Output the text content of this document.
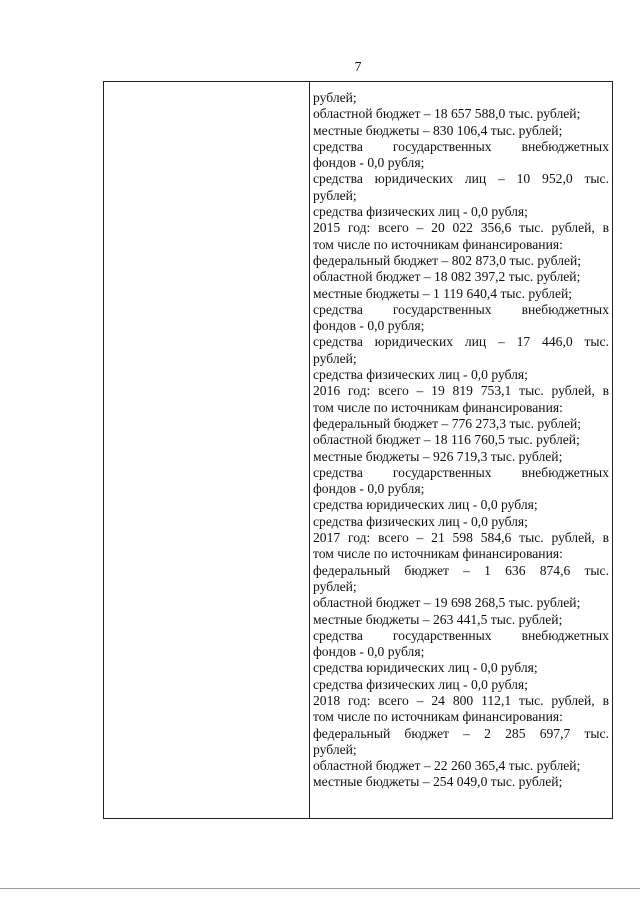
7
рублей;
областной бюджет – 18 657 588,0 тыс. рублей;
местные бюджеты – 830 106,4 тыс. рублей;
средства государственных внебюджетных
фондов - 0,0 рубля;
средства юридических лиц – 10 952,0 тыс.
рублей;
средства физических лиц - 0,0 рубля;
2015 год: всего – 20 022 356,6 тыс. рублей, в
том числе по источникам финансирования:
федеральный бюджет – 802 873,0 тыс. рублей;
областной бюджет – 18 082 397,2 тыс. рублей;
местные бюджеты – 1 119 640,4 тыс. рублей;
средства государственных внебюджетных
фондов - 0,0 рубля;
средства юридических лиц – 17 446,0 тыс.
рублей;
средства физических лиц - 0,0 рубля;
2016 год: всего – 19 819 753,1 тыс. рублей, в
том числе по источникам финансирования:
федеральный бюджет – 776 273,3 тыс. рублей;
областной бюджет – 18 116 760,5 тыс. рублей;
местные бюджеты – 926 719,3 тыс. рублей;
средства государственных внебюджетных
фондов - 0,0 рубля;
средства юридических лиц - 0,0 рубля;
средства физических лиц - 0,0 рубля;
2017 год: всего – 21 598 584,6 тыс. рублей, в
том числе по источникам финансирования:
федеральный бюджет – 1 636 874,6 тыс.
рублей;
областной бюджет – 19 698 268,5 тыс. рублей;
местные бюджеты – 263 441,5 тыс. рублей;
средства государственных внебюджетных
фондов - 0,0 рубля;
средства юридических лиц - 0,0 рубля;
средства физических лиц - 0,0 рубля;
2018 год: всего – 24 800 112,1 тыс. рублей, в
том числе по источникам финансирования:
федеральный бюджет – 2 285 697,7 тыс.
рублей;
областной бюджет – 22 260 365,4 тыс. рублей;
местные бюджеты – 254 049,0 тыс. рублей;
